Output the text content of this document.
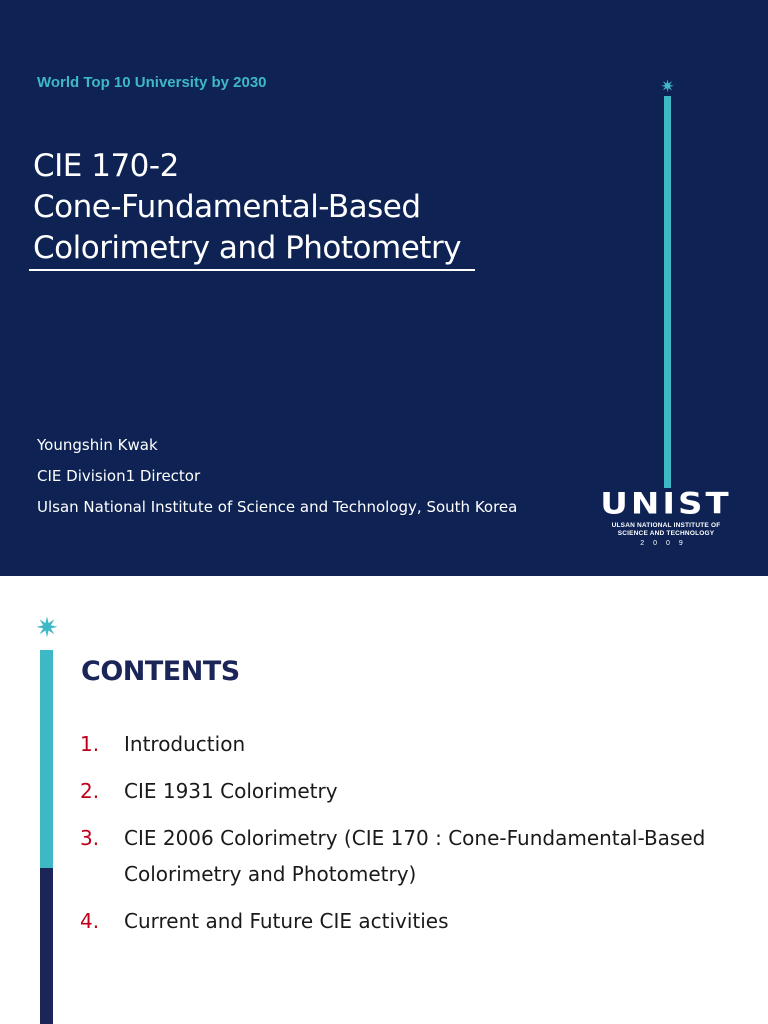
World Top 10 University by 2030
CIE 170-2
Cone-Fundamental-Based
Colorimetry and Photometry
Youngshin Kwak
CIE Division1 Director
Ulsan National Institute of Science and Technology, South Korea
✷
UNIST
ULSAN NATIONAL INSTITUTE OF
SCIENCE AND TECHNOLOGY
2009
✷
CONTENTS
1.	Introduction
2.	CIE 1931 Colorimetry
3.	CIE 2006 Colorimetry (CIE 170 : Cone-Fundamental-Based Colorimetry and Photometry)
4.	Current and Future CIE activities
